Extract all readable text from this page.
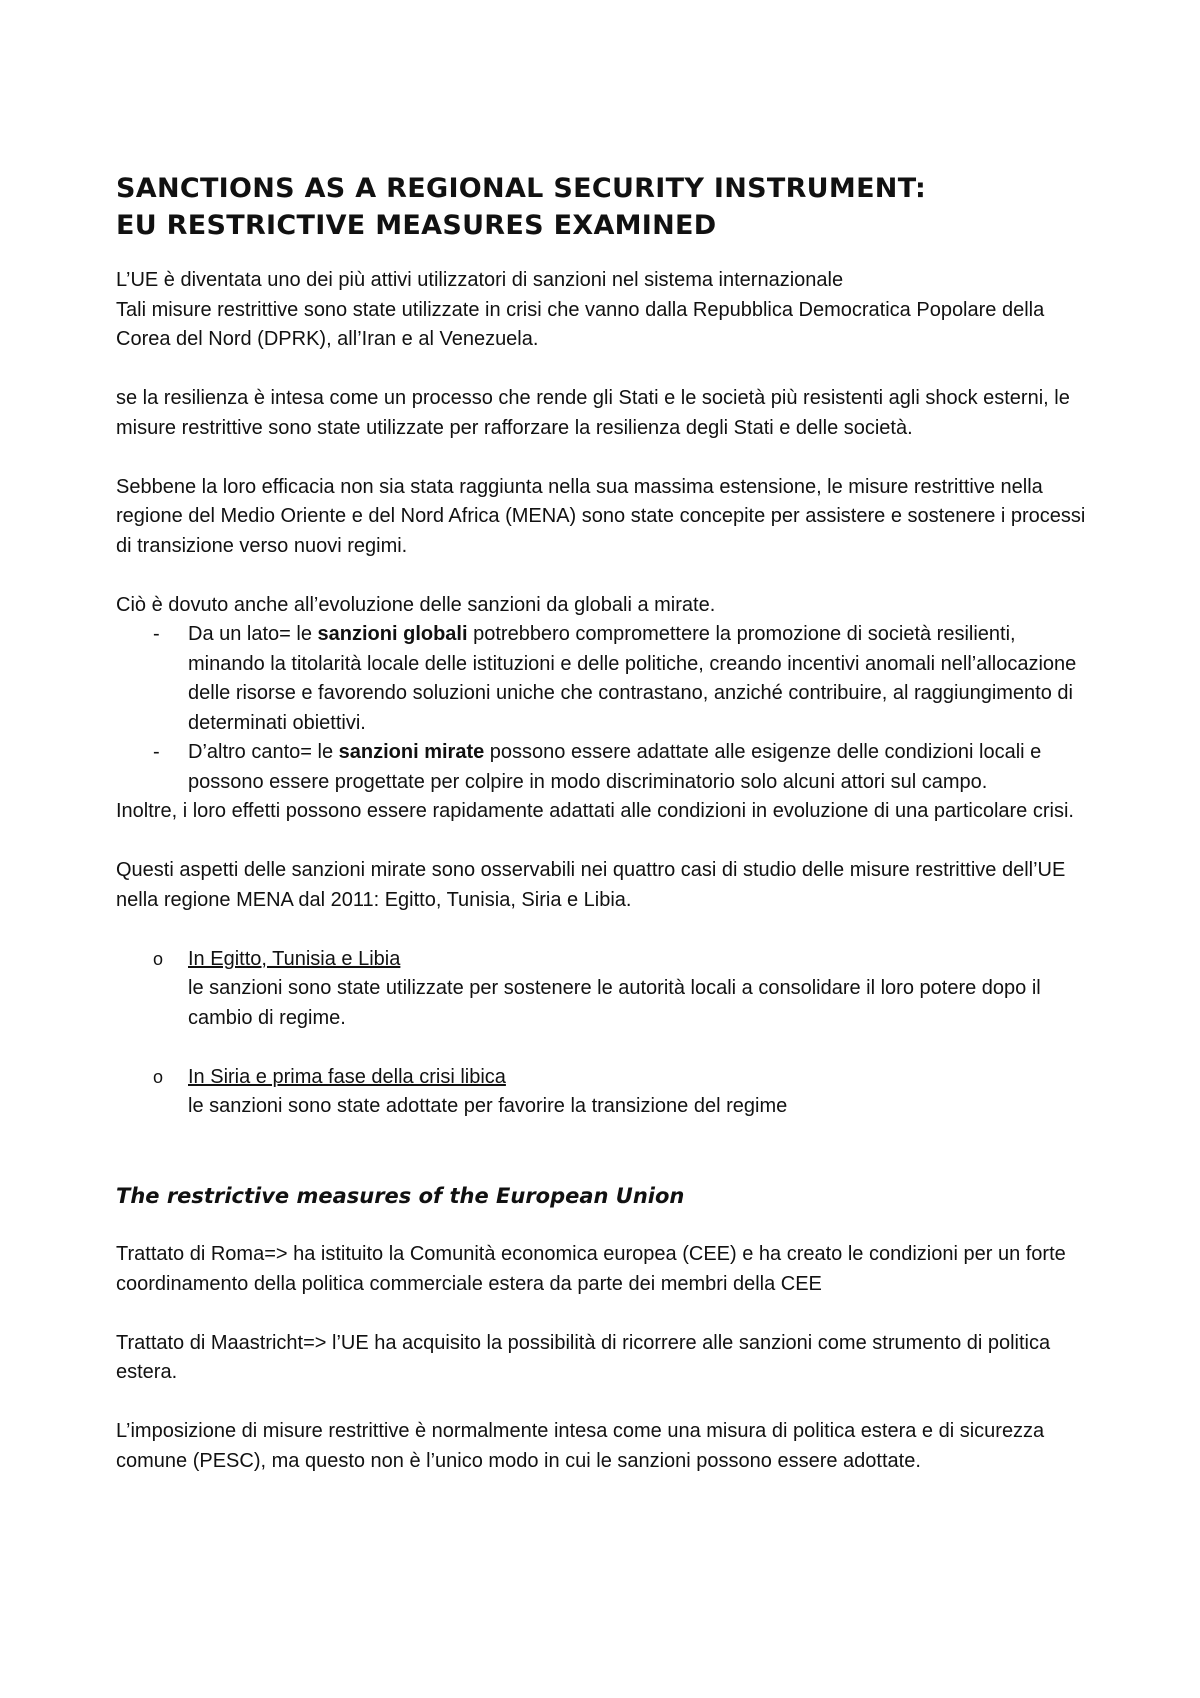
SANCTIONS AS A REGIONAL SECURITY INSTRUMENT:
EU RESTRICTIVE MEASURES EXAMINED

L’UE è diventata uno dei più attivi utilizzatori di sanzioni nel sistema internazionale

Tali misure restrittive sono state utilizzate in crisi che vanno dalla Repubblica Democratica Popolare della Corea del Nord (DPRK), all’Iran e al Venezuela.

se la resilienza è intesa come un processo che rende gli Stati e le società più resistenti agli shock esterni, le misure restrittive sono state utilizzate per rafforzare la resilienza degli Stati e delle società.

Sebbene la loro efficacia non sia stata raggiunta nella sua massima estensione, le misure restrittive nella regione del Medio Oriente e del Nord Africa (MENA) sono state concepite per assistere e sostenere i processi di transizione verso nuovi regimi.

Ciò è dovuto anche all’evoluzione delle sanzioni da globali a mirate.

- Da un lato= le sanzioni globali potrebbero compromettere la promozione di società resilienti, minando la titolarità locale delle istituzioni e delle politiche, creando incentivi anomali nell’allocazione delle risorse e favorendo soluzioni uniche che contrastano, anziché contribuire, al raggiungimento di determinati obiettivi.
- D’altro canto= le sanzioni mirate possono essere adattate alle esigenze delle condizioni locali e possono essere progettate per colpire in modo discriminatorio solo alcuni attori sul campo.

Inoltre, i loro effetti possono essere rapidamente adattati alle condizioni in evoluzione di una particolare crisi.

Questi aspetti delle sanzioni mirate sono osservabili nei quattro casi di studio delle misure restrittive dell’UE nella regione MENA dal 2011: Egitto, Tunisia, Siria e Libia.

o In Egitto, Tunisia e Libia
le sanzioni sono state utilizzate per sostenere le autorità locali a consolidare il loro potere dopo il cambio di regime.
o In Siria e prima fase della crisi libica
le sanzioni sono state adottate per favorire la transizione del regime
The restrictive measures of the European Union

Trattato di Roma=> ha istituito la Comunità economica europea (CEE) e ha creato le condizioni per un forte coordinamento della politica commerciale estera da parte dei membri della CEE

Trattato di Maastricht=> l’UE ha acquisito la possibilità di ricorrere alle sanzioni come strumento di politica estera.

L’imposizione di misure restrittive è normalmente intesa come una misura di politica estera e di sicurezza comune (PESC), ma questo non è l’unico modo in cui le sanzioni possono essere adottate.
